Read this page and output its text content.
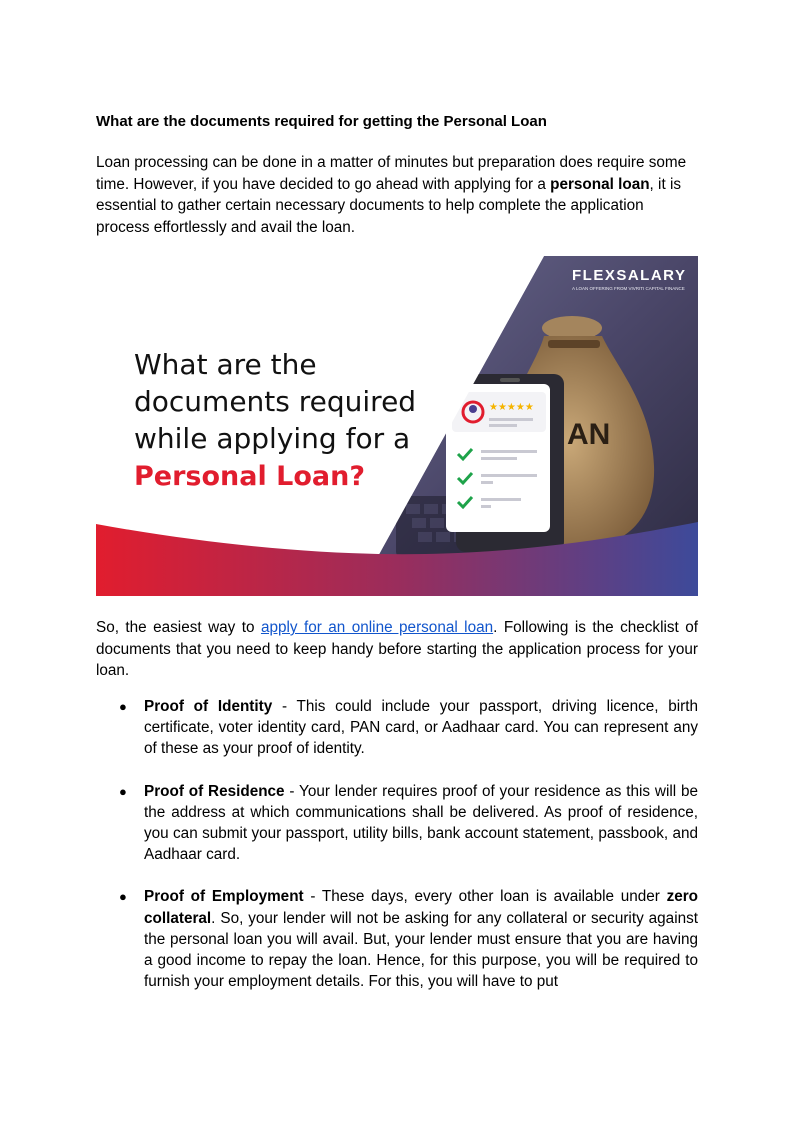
What are the documents required for getting the Personal Loan

Loan processing can be done in a matter of minutes but preparation does require some time. However, if you have decided to go ahead with applying for a personal loan, it is essential to gather certain necessary documents to help complete the application process effortlessly and avail the loan.

AN
★★★★★
FLEXSALARY
A LOAN OFFERING FROM VIVRITI CAPITAL FINANCE
What are the
documents required
while applying for a
Personal Loan?

So, the easiest way to apply for an online personal loan. Following is the checklist of documents that you need to keep handy before starting the application process for your loan.

● Proof of Identity - This could include your passport, driving licence, birth certificate, voter identity card, PAN card, or Aadhaar card. You can represent any of these as your proof of identity.
● Proof of Residence - Your lender requires proof of your residence as this will be the address at which communications shall be delivered. As proof of residence, you can submit your passport, utility bills, bank account statement, passbook, and Aadhaar card.
● Proof of Employment - These days, every other loan is available under zero collateral. So, your lender will not be asking for any collateral or security against the personal loan you will avail. But, your lender must ensure that you are having a good income to repay the loan. Hence, for this purpose, you will be required to furnish your employment details. For this, you will have to put
